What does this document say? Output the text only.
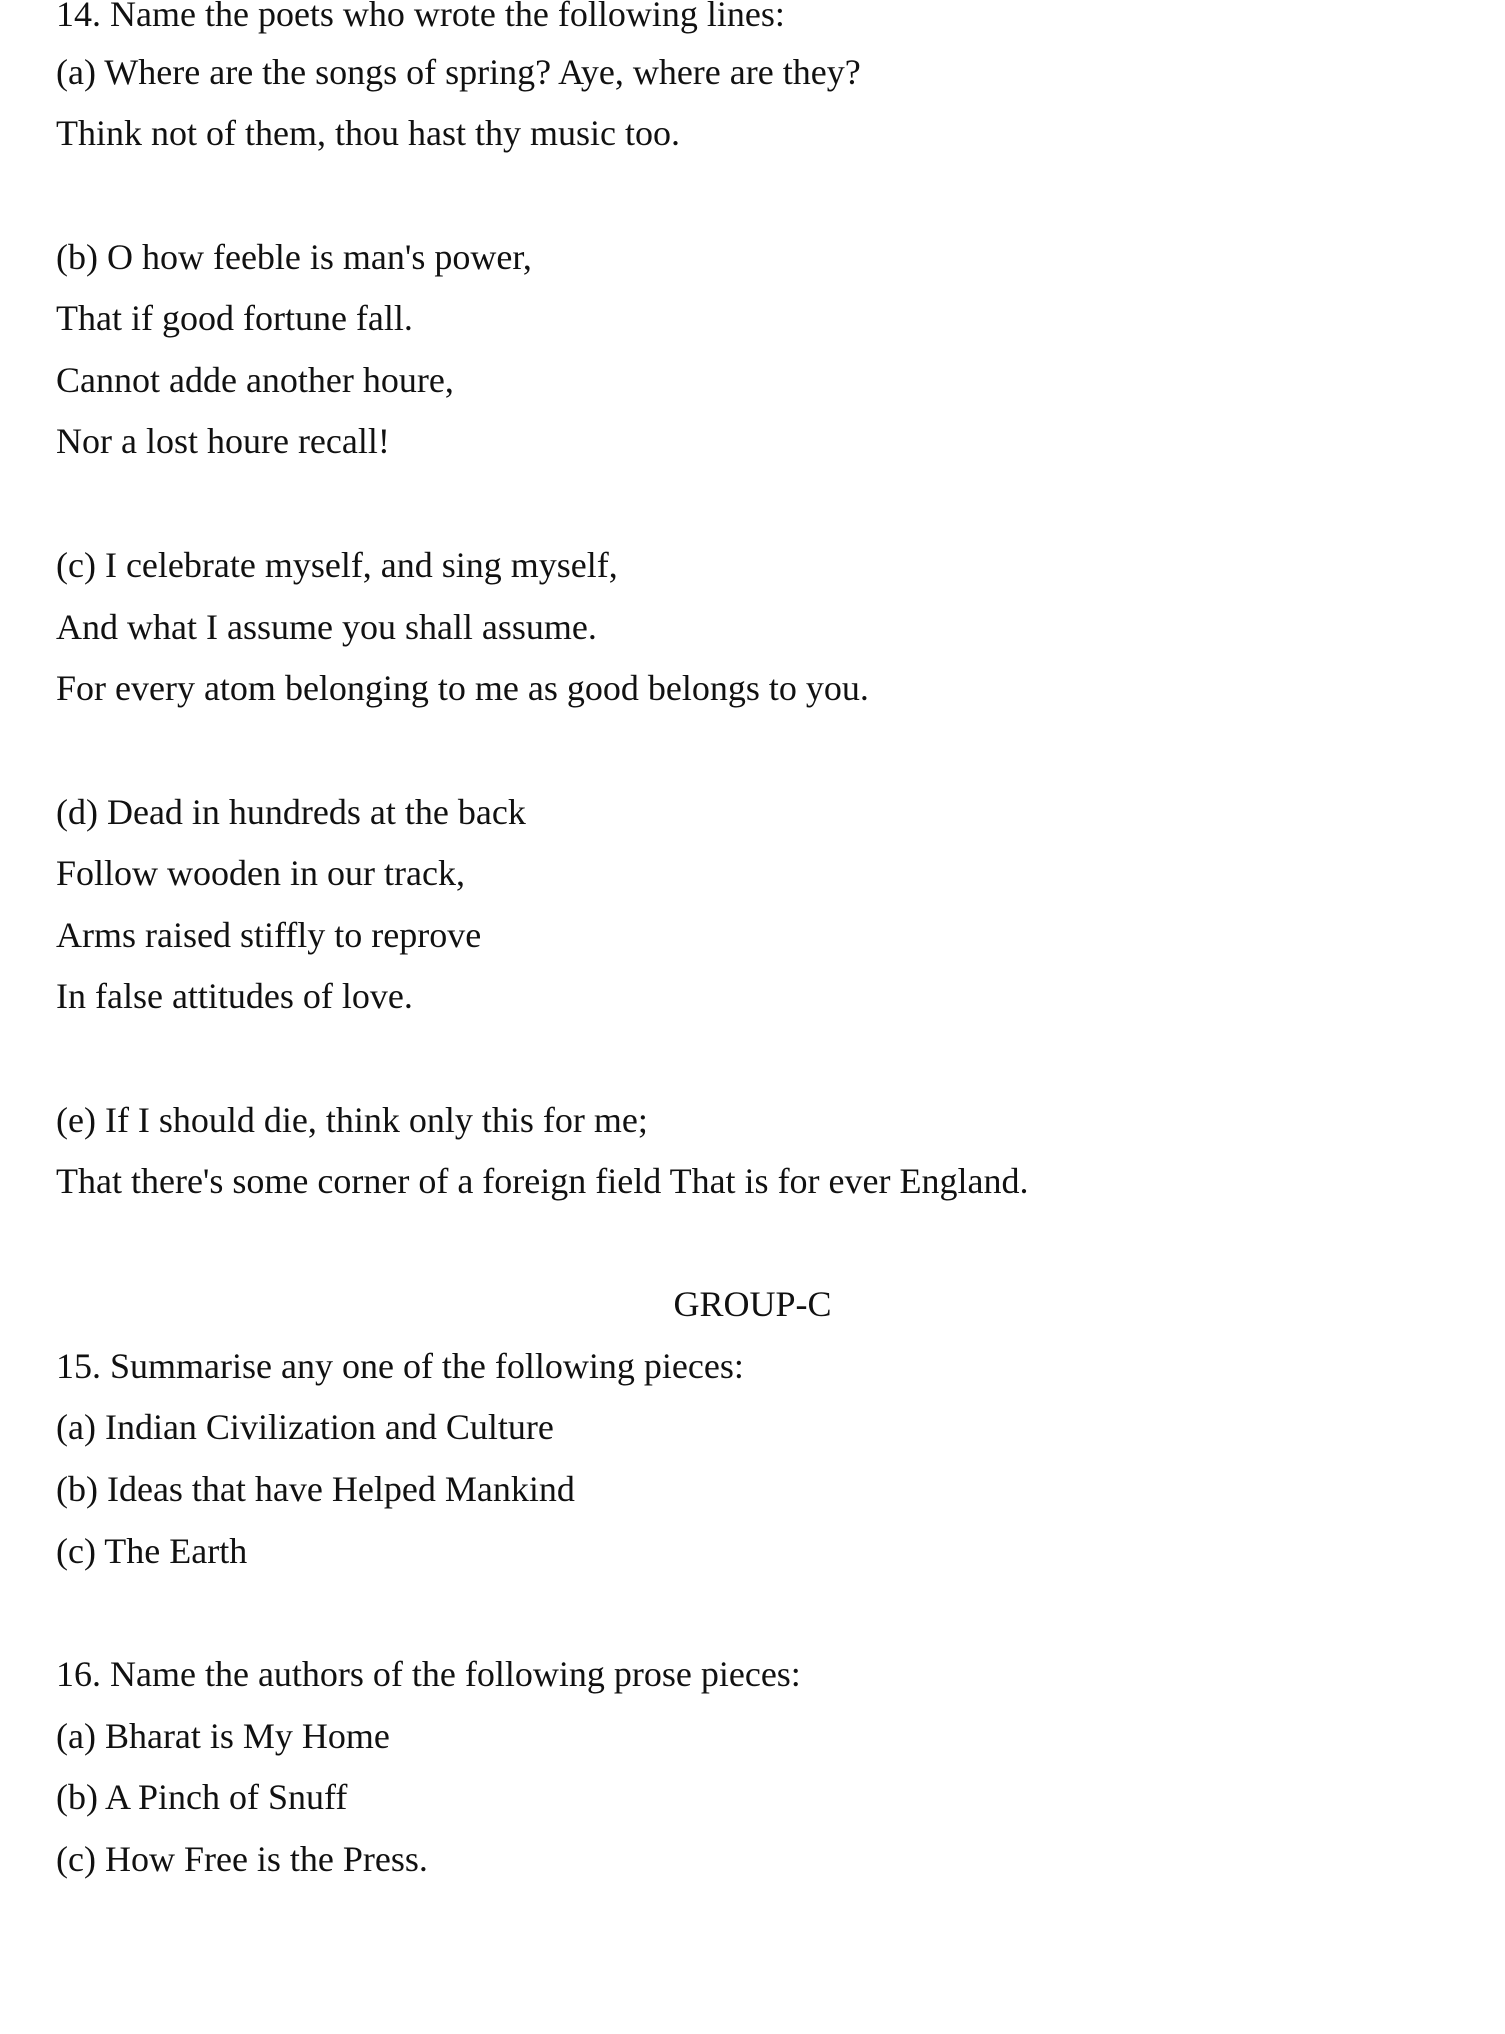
14. Name the poets who wrote the following lines:
(a) Where are the songs of spring? Aye, where are they?
Think not of them, thou hast thy music too.
(b) O how feeble is man's power,
That if good fortune fall.
Cannot adde another houre,
Nor a lost houre recall!
(c) I celebrate myself, and sing myself,
And what I assume you shall assume.
For every atom belonging to me as good belongs to you.
(d) Dead in hundreds at the back
Follow wooden in our track,
Arms raised stiffly to reprove
In false attitudes of love.
(e) If I should die, think only this for me;
That there's some corner of a foreign field That is for ever England.
GROUP-C
15. Summarise any one of the following pieces:
(a) Indian Civilization and Culture
(b) Ideas that have Helped Mankind
(c) The Earth
16. Name the authors of the following prose pieces:
(a) Bharat is My Home
(b) A Pinch of Snuff
(c) How Free is the Press.
